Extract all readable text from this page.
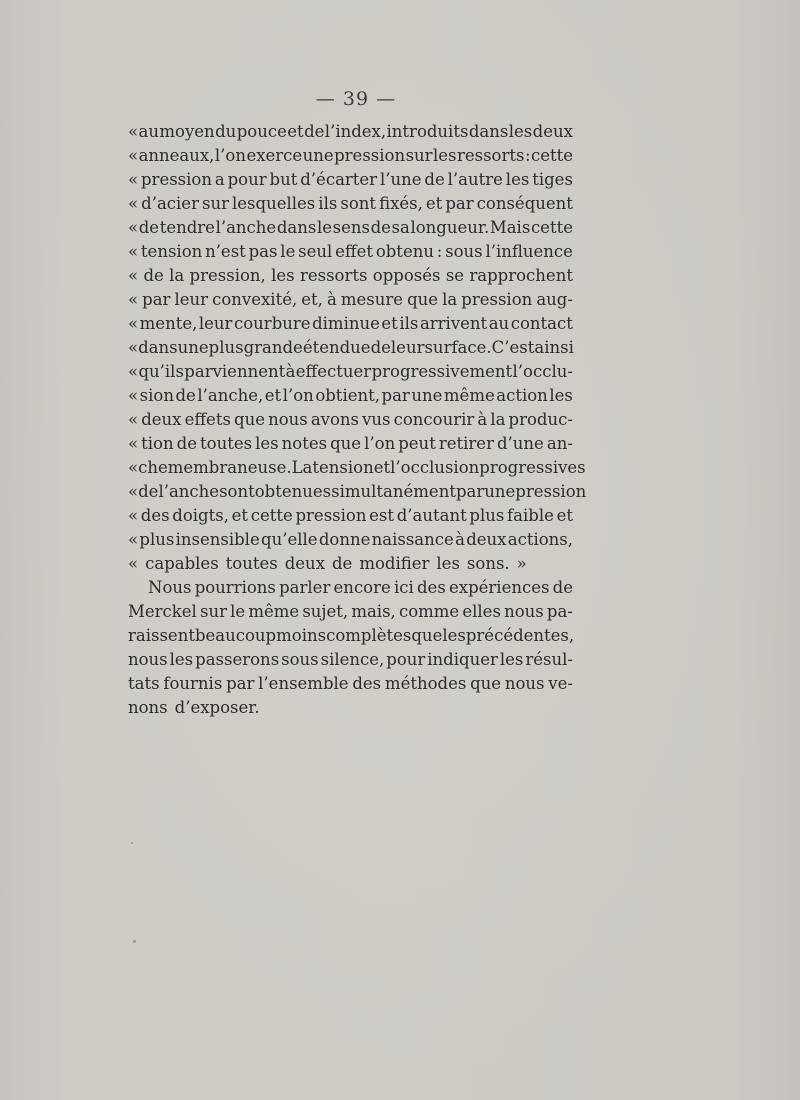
— 39 —
« au moyen du pouce et de l’index, introduits dans les deux
« anneaux, l’on exerce une pression sur les ressorts : cette
« pression a pour but d’écarter l’une de l’autre les tiges
« d’acier sur lesquelles ils sont fixés, et par conséquent
« de tendre l’anche dans le sens de sa longueur. Mais cette
« tension n’est pas le seul effet obtenu : sous l’influence
« de la pression, les ressorts opposés se rapprochent
« par leur convexité, et, à mesure que la pression aug-
« mente, leur courbure diminue et ils arrivent au contact
« dans une plus grande étendue de leur surface. C’est ainsi
« qu’ils parviennent à effectuer progressivement l’occlu-
« sion de l’anche, et l’on obtient, par une même action les
« deux effets que nous avons vus concourir à la produc-
« tion de toutes les notes que l’on peut retirer d’une an-
« che membraneuse. La tension et l’occlusion progressives
« de l’anche sont obtenues simultanément par une pression
« des doigts, et cette pression est d’autant plus faible et
« plus insensible qu’elle donne naissance à deux actions,
« capables toutes deux de modifier les sons. »
Nous pourrions parler encore ici des expériences de
Merckel sur le même sujet, mais, comme elles nous pa-
raissent beaucoup moins complètes que les précédentes,
nous les passerons sous silence, pour indiquer les résul-
tats fournis par l’ensemble des méthodes que nous ve-
nons d’exposer.
